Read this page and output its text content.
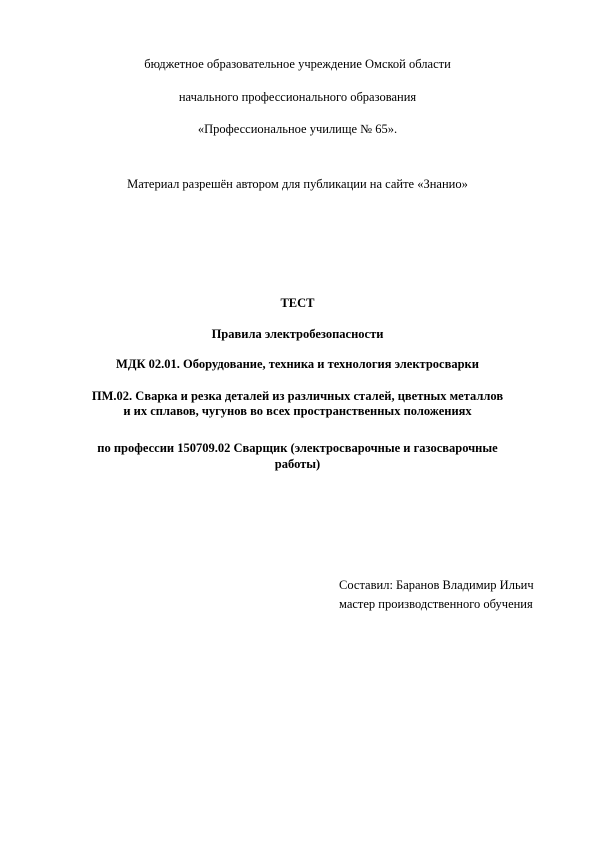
бюджетное образовательное учреждение Омской области
начального профессионального образования
«Профессиональное училище № 65».
Материал разрешён автором для публикации на сайте «Знанио»
ТЕСТ
Правила электробезопасности
МДК 02.01. Оборудование, техника и технология электросварки
ПМ.02. Сварка и резка деталей из различных сталей, цветных металлов
и их сплавов, чугунов во всех пространственных положениях
по профессии 150709.02 Сварщик (электросварочные и газосварочные
работы)
Составил: Баранов Владимир Ильич
мастер производственного обучения
